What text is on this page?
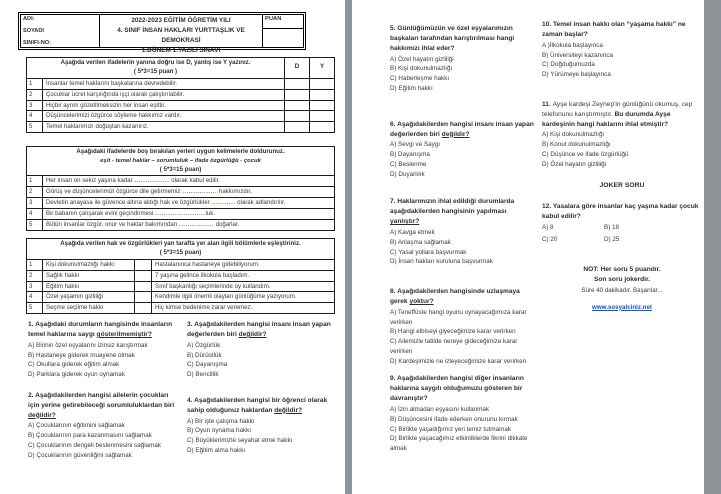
ADI:
SOYADI
SINIFI-NO:
2022-2023 EĞİTİM ÖĞRETİM YILI
4. SINIF İNSAN HAKLARI YURTTAŞLIK VE DEMOKRASİ
1.DÖNEM 1.YAZILI SINAVI
PUAN
Aşağıda verilen ifadelerin yanına doğru ise D, yanlış ise Y yazınız.
( 5*3=15 puan )		D	Y
1	İnsanlar temel haklarını başkalarına devredebilir.		
2	Çocuklar ücret karşılığında işçi olarak çalıştırılabilir.		
3	Hiçbir ayrım gözetilmeksizin her insan eşittir.		
4	Düşüncelerimizi özgürce söyleme hakkımız vardır.		
5	Temel haklarımızı doğuştan kazanırız.		
Aşağıdaki ifadelerde boş bırakılan yerleri uygun kelimelerle doldurunuz.
eşit - temel haklar – sorumluluk – ifade özgürlüğü - çocuk
( 5*3=15 puan)	
1	Her insan on sekiz yaşına kadar ................ olarak kabul edilir.
2	Görüş ve düşüncelerimizi özgürce dile getirmemiz ................ hakkımızdır.
3	Devletin anayasa ile güvence altına aldığı hak ve özgürlükler ........... olarak adlandırılır.
4	Bir babanın çalışarak evini geçindirmesi .......................luk.
5	Bütün insanlar özgür, onur ve haklar bakımından ................ doğarlar.
Aşağıda verilen hak ve özgürlükleri yan tarafta yer alan ilgili bölümlerle eşleştiriniz.
( 5*3=15 puan)			
1	Kişi dokunulmazlığı hakkı		Hastalanınca hastaneye gidebiliyorum.
2	Sağlık hakkı		7 yaşına gelince ilkokula başladım.
3	Eğitim hakkı		Sınıf başkanlığı seçimlerinde oy kullandım.
4	Özel yaşamın gizliliği		Kendimle ilgili önemli olayları günlüğüme yazıyorum.
5	Seçme seçilme hakkı		Hiç kimse bedenime zarar veremez.

1. Aşağıdaki durumların hangisinde insanların temel haklarına saygı gösterilmemiştir?

A) Birinin özel eşyalarını izinsiz karıştırmak
B) Hastaneye giderek muayene olmak
C) Okullara giderek eğitim almak
D) Parklara giderek oyun oynamak

2. Aşağıdakilerden hangisi ailelerin çocukları için yerine getirebileceği sorumluluklardan biri değildir?

A) Çocuklarının eğitimini sağlamak
B) Çocuklarının para kazanmasını sağlamak
C) Çocuklarının dengeli beslenmesini sağlamak
D) Çocuklarının güvenliğini sağlamak

3. Aşağıdakilerden hangisi insanı insan yapan değerlerden biri değildir?

A) Özgürlük
B) Dürüstlük
C) Dayanışma
D) Bencillik

4. Aşağıdakilerden hangisi bir öğrenci olarak sahip olduğunuz haklardan değildir?

A) Bir işte çalışma hakkı
B) Oyun oynama hakkı
C) Büyüklerimizle seyahat etme hakkı
D) Eğitim alma hakkı

5. Günlüğümüzün ve özel eşyalarımızın başkaları tarafından karıştırılması hangi hakkımızı ihlal eder?

A) Özel hayatın gizliliği
B) Kişi dokunulmazlığı
C) Haberleşme hakkı
D) Eğitim hakkı

6. Aşağıdakilerden hangisi insanı insan yapan değerlerden biri değildir?

A) Sevgi ve Saygı
B) Dayanışma
C) Beslenme
D) Duyarlılık

7. Haklarımızın ihlal edildiği durumlarda aşağıdakilerden hangisinin yapılması yanlıştır?

A) Kavga etmek
B) Anlaşma sağlamak
C) Yasal yollara başvurmak
D) İnsan hakları kuruluna başvurmak

8. Aşağıdakilerden hangisinde uzlaşmaya gerek yoktur?

A) Teneffüste hangi oyunu oynayacağımıza karar verirken
B) Hangi elbiseyi giyeceğimize karar verirken
C) Ailemizle tatilde nereye gideceğimize karar verirken
D) Kardeşimizle ne izleyeceğimize karar verirken

9. Aşağıdakilerden hangisi diğer insanların haklarına saygılı olduğumuzu gösteren bir davranıştır?

A) İzin almadan eşyasını kullanmak
B) Düşüncesini ifade ederken onurunu kırmak
C) Birlikte yaşadığımız yeri temiz tutmamak
D) Birlikte yaşacağımız etkinliklerde fikrini dikkate almak

10. Temel insan hakkı olan “yaşama hakkı” ne zaman başlar?

A )İlkokula başlayınca
B) Üniversiteyi kazanınca
C) Doğduğumuzda
D) Yürümeye başlayınca

11. Ayşe kardeşi Zeynep'in günlüğünü okumuş, cep telefonunu karıştırmıştır. Bu durumda Ayşe kardeşinin hangi haklarını ihlal etmiştir?

A) Kişi dokunulmazlığı
B) Konut dokunulmazlığı
C) Düşünce ve ifade özgürlüğü
D) Özel hayatın gizliliği
JOKER SORU

12. Yasalara göre insanlar kaç yaşına kadar çocuk kabul edilir?

A) 8	B) 18
C) 20	D) 25
NOT: Her soru 5 puandır.
Son soru jokerdir.
Süre 40 dakikadır. Başarılar...
www.sosyalciniz.net
